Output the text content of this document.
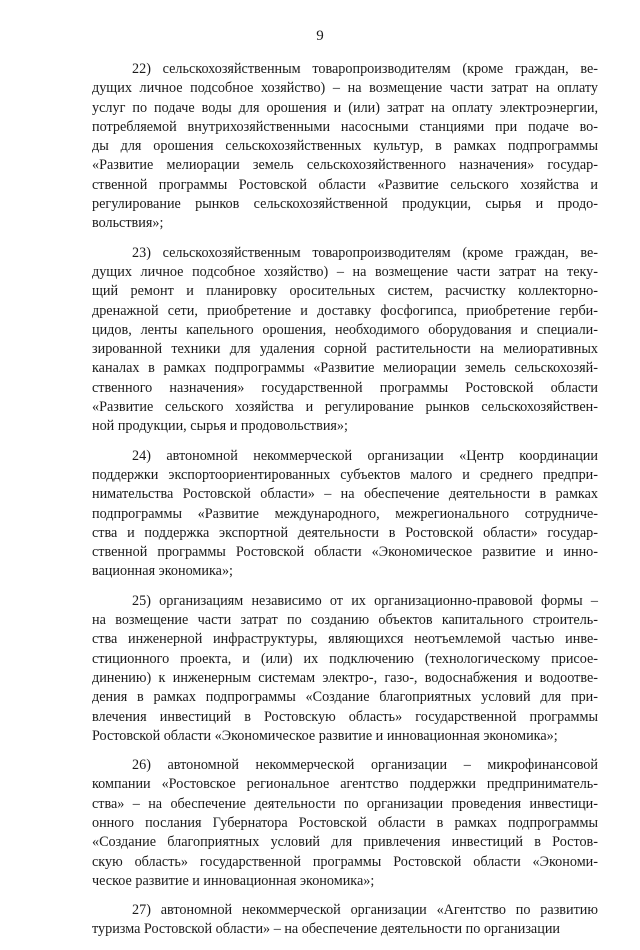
9
22) сельскохозяйственным товаропроизводителям (кроме граждан, ве-
дущих личное подсобное хозяйство) – на возмещение части затрат на оплату
услуг по подаче воды для орошения и (или) затрат на оплату электроэнергии,
потребляемой внутрихозяйственными насосными станциями при подаче во-
ды для орошения сельскохозяйственных культур, в рамках подпрограммы
«Развитие мелиорации земель сельскохозяйственного назначения» государ-
ственной программы Ростовской области «Развитие сельского хозяйства и
регулирование рынков сельскохозяйственной продукции, сырья и продо-
вольствия»;
23) сельскохозяйственным товаропроизводителям (кроме граждан, ве-
дущих личное подсобное хозяйство) – на возмещение части затрат на теку-
щий ремонт и планировку оросительных систем, расчистку коллекторно-
дренажной сети, приобретение и доставку фосфогипса, приобретение герби-
цидов, ленты капельного орошения, необходимого оборудования и специали-
зированной техники для удаления сорной растительности на мелиоративных
каналах в рамках подпрограммы «Развитие мелиорации земель сельскохозяй-
ственного назначения» государственной программы Ростовской области
«Развитие сельского хозяйства и регулирование рынков сельскохозяйствен-
ной продукции, сырья и продовольствия»;
24) автономной некоммерческой организации «Центр координации
поддержки экспортоориентированных субъектов малого и среднего предпри-
нимательства Ростовской области» – на обеспечение деятельности в рамках
подпрограммы «Развитие международного, межрегионального сотрудниче-
ства и поддержка экспортной деятельности в Ростовской области» государ-
ственной программы Ростовской области «Экономическое развитие и инно-
вационная экономика»;
25) организациям независимо от их организационно-правовой формы –
на возмещение части затрат по созданию объектов капитального строитель-
ства инженерной инфраструктуры, являющихся неотъемлемой частью инве-
стиционного проекта, и (или) их подключению (технологическому присое-
динению) к инженерным системам электро-, газо-, водоснабжения и водоотве-
дения в рамках подпрограммы «Создание благоприятных условий для при-
влечения инвестиций в Ростовскую область» государственной программы
Ростовской области «Экономическое развитие и инновационная экономика»;
26) автономной некоммерческой организации – микрофинансовой
компании «Ростовское региональное агентство поддержки предприниматель-
ства» – на обеспечение деятельности по организации проведения инвестици-
онного послания Губернатора Ростовской области в рамках подпрограммы
«Создание благоприятных условий для привлечения инвестиций в Ростов-
скую область» государственной программы Ростовской области «Экономи-
ческое развитие и инновационная экономика»;
27) автономной некоммерческой организации «Агентство по развитию
туризма Ростовской области» – на обеспечение деятельности по организации
